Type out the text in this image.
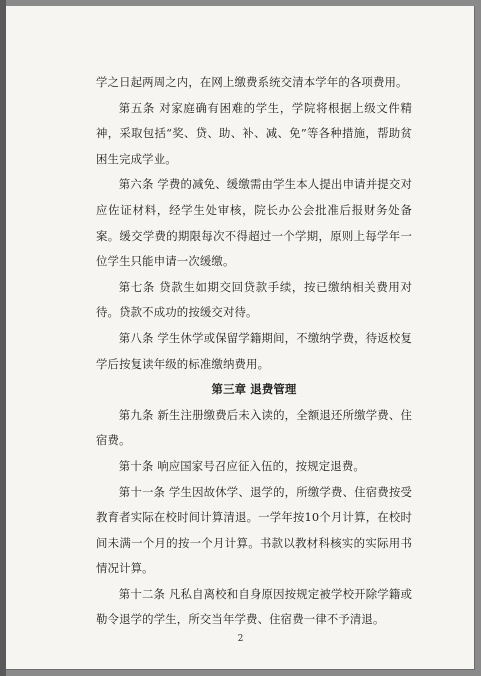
学之日起两周之内，在网上缴费系统交清本学年的各项费用。

第五条 对家庭确有困难的学生，学院将根据上级文件精神，采取包括“奖、贷、助、补、减、免”等各种措施，帮助贫困生完成学业。

第六条 学费的减免、缓缴需由学生本人提出申请并提交对应佐证材料，经学生处审核，院长办公会批准后报财务处备案。缓交学费的期限每次不得超过一个学期，原则上每学年一位学生只能申请一次缓缴。

第七条 贷款生如期交回贷款手续，按已缴纳相关费用对待。贷款不成功的按缓交对待。

第八条 学生休学或保留学籍期间，不缴纳学费，待返校复学后按复读年级的标准缴纳费用。

第三章 退费管理

第九条 新生注册缴费后未入读的，全额退还所缴学费、住宿费。

第十条 响应国家号召应征入伍的，按规定退费。

第十一条 学生因故休学、退学的，所缴学费、住宿费按受教育者实际在校时间计算清退。一学年按10个月计算，在校时间未满一个月的按一个月计算。书款以教材科核实的实际用书情况计算。

第十二条 凡私自离校和自身原因按规定被学校开除学籍或勒令退学的学生，所交当年学费、住宿费一律不予清退。

2
